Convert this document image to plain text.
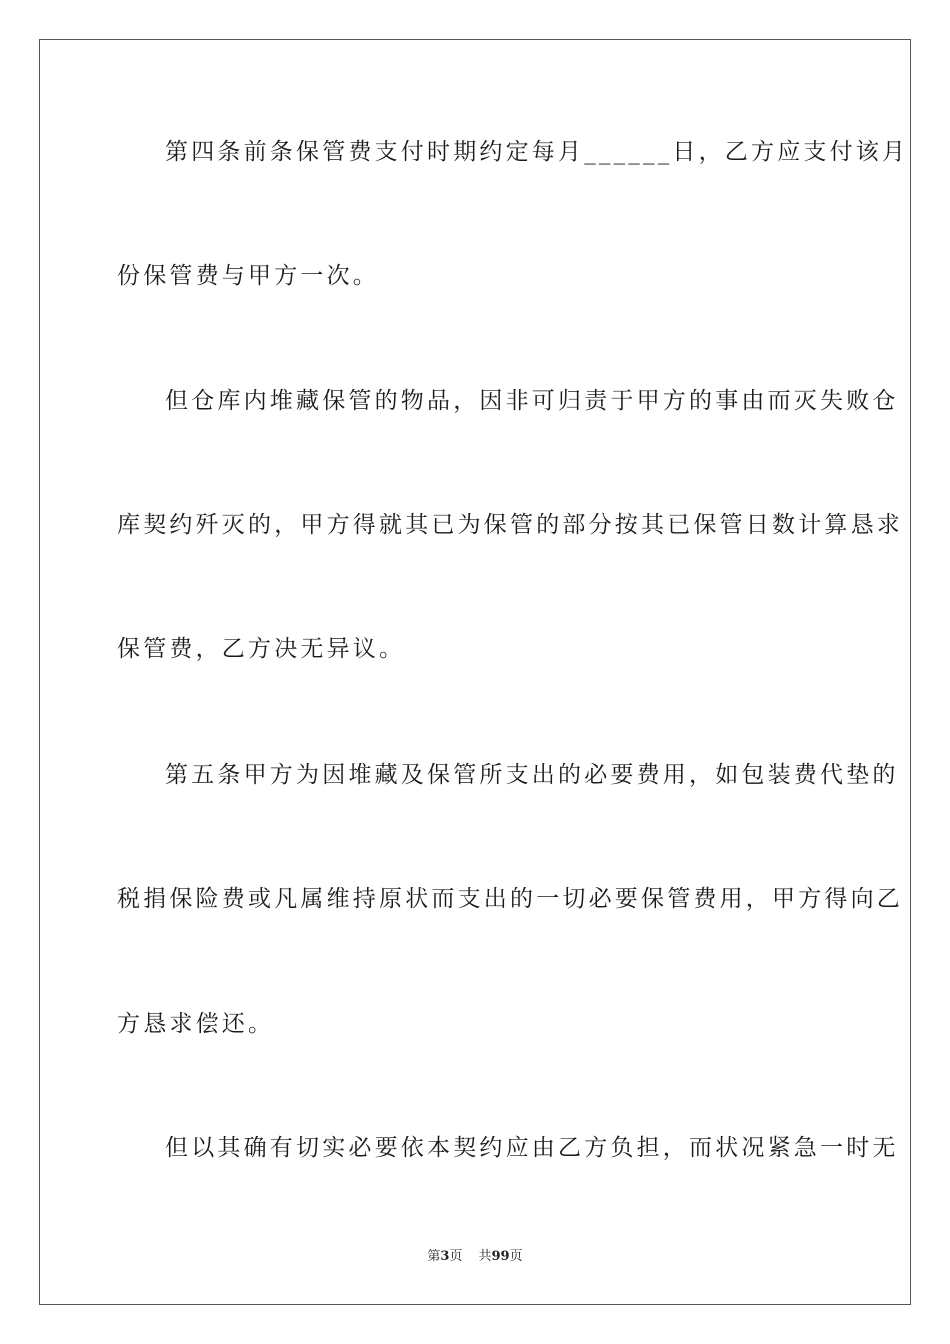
第四条前条保管费支付时期约定每月______日，乙方应支付该月
份保管费与甲方一次。
但仓库内堆藏保管的物品，因非可归责于甲方的事由而灭失败仓
库契约歼灭的，甲方得就其已为保管的部分按其已保管日数计算恳求
保管费，乙方决无异议。
第五条甲方为因堆藏及保管所支出的必要费用，如包装费代垫的
税捐保险费或凡属维持原状而支出的一切必要保管费用，甲方得向乙
方恳求偿还。
但以其确有切实必要依本契约应由乙方负担，而状况紧急一时无
第3页 共99页
